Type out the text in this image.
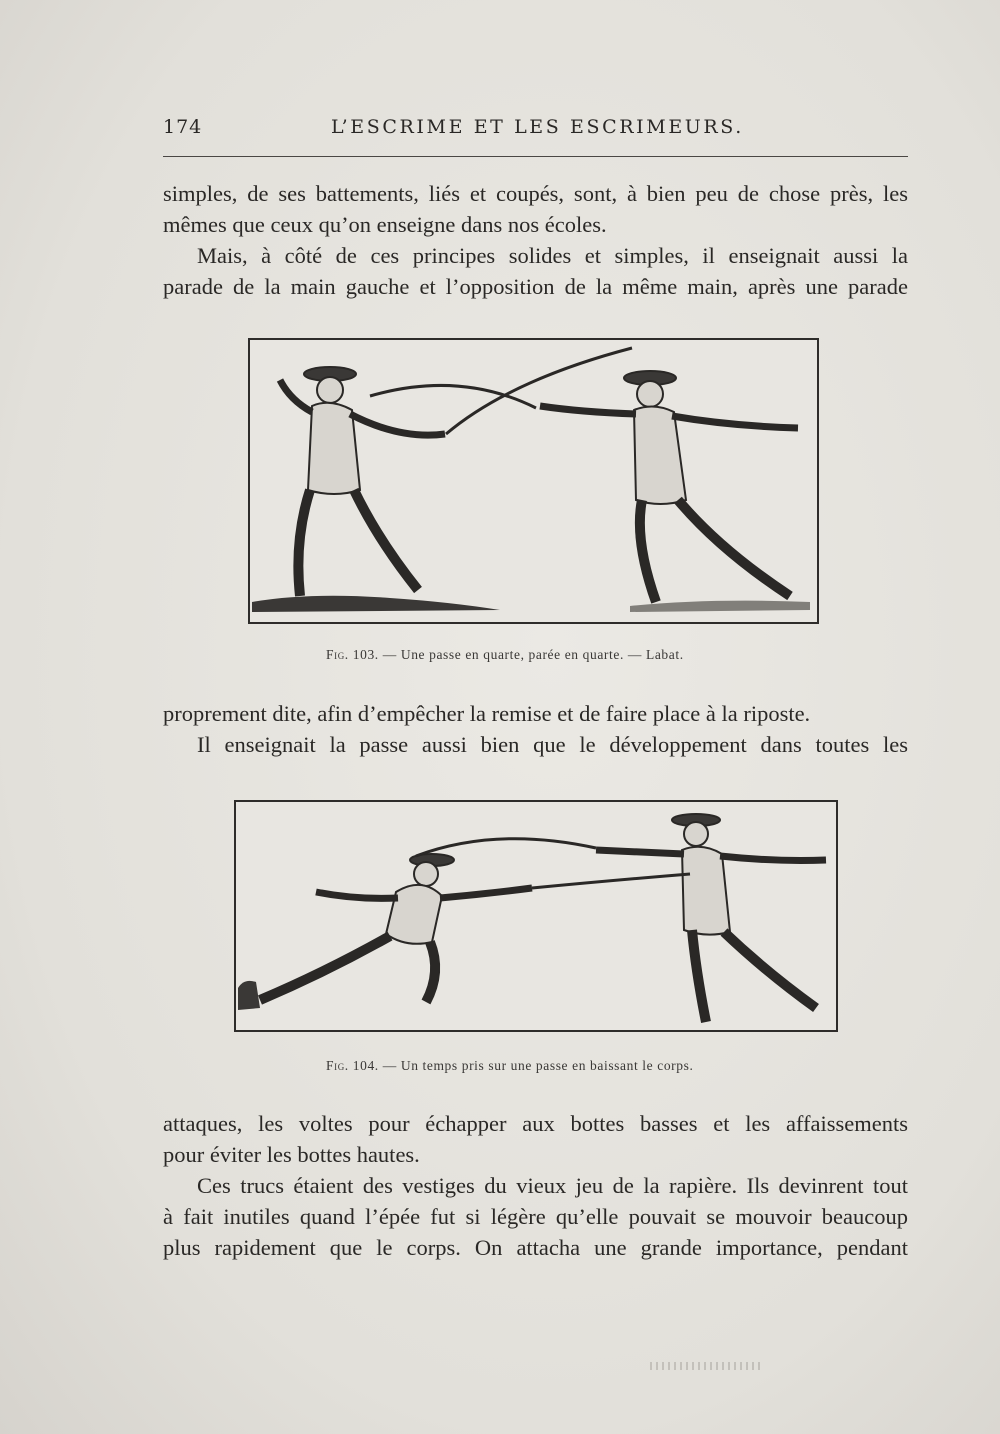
174	L’ESCRIME ET LES ESCRIMEURS.

simples, de ses battements, liés et coupés, sont, à bien peu de chose près, les
mêmes que ceux qu’on enseigne dans nos écoles.

Mais, à côté de ces principes solides et simples, il enseignait aussi la
parade de la main gauche et l’opposition de la même main, après une parade

Fig. 103. — Une passe en quarte, parée en quarte. — Labat.

proprement dite, afin d’empêcher la remise et de faire place à la riposte.

Il enseignait la passe aussi bien que le développement dans toutes les

Fig. 104. — Un temps pris sur une passe en baissant le corps.

attaques, les voltes pour échapper aux bottes basses et les affaissements
pour éviter les bottes hautes.

Ces trucs étaient des vestiges du vieux jeu de la rapière. Ils devinrent tout
à fait inutiles quand l’épée fut si légère qu’elle pouvait se mouvoir beaucoup
plus rapidement que le corps. On attacha une grande importance, pendant
